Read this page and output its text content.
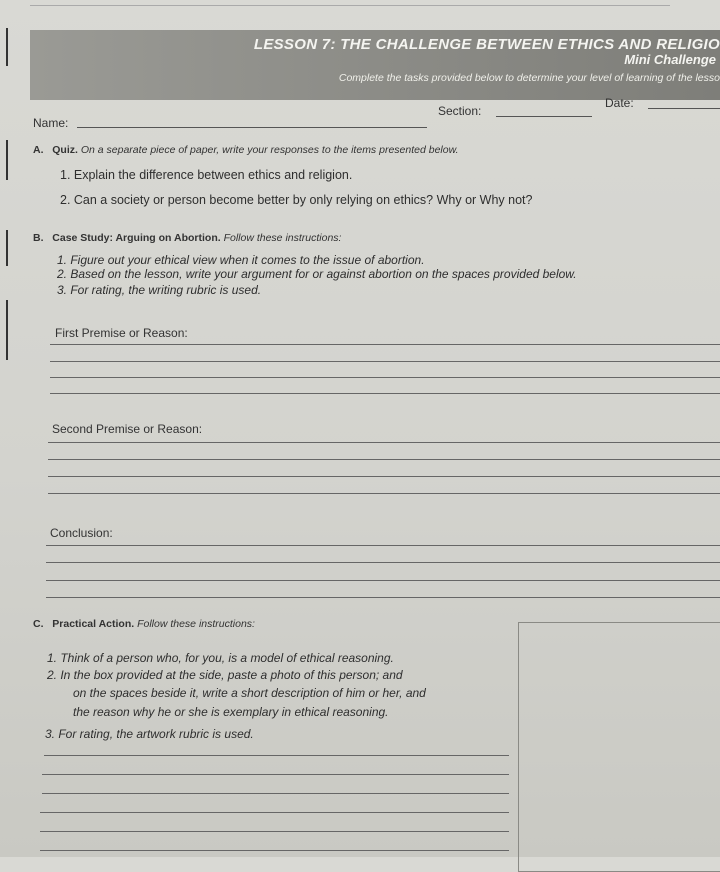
LESSON 7: THE CHALLENGE BETWEEN ETHICS AND RELIGIO

Mini Challenge

Complete the tasks provided below to determine your level of learning of the lesso

Name:

Section:

Date:

A. Quiz. On a separate piece of paper, write your responses to the items presented below.

1. Explain the difference between ethics and religion.

2. Can a society or person become better by only relying on ethics? Why or Why not?

B. Case Study: Arguing on Abortion. Follow these instructions:

1. Figure out your ethical view when it comes to the issue of abortion.

2. Based on the lesson, write your argument for or against abortion on the spaces provided below.

3. For rating, the writing rubric is used.

First Premise or Reason:

Second Premise or Reason:

Conclusion:

C. Practical Action. Follow these instructions:

1. Think of a person who, for you, is a model of ethical reasoning.

2. In the box provided at the side, paste a photo of this person; and

on the spaces beside it, write a short description of him or her, and

the reason why he or she is exemplary in ethical reasoning.

3. For rating, the artwork rubric is used.
